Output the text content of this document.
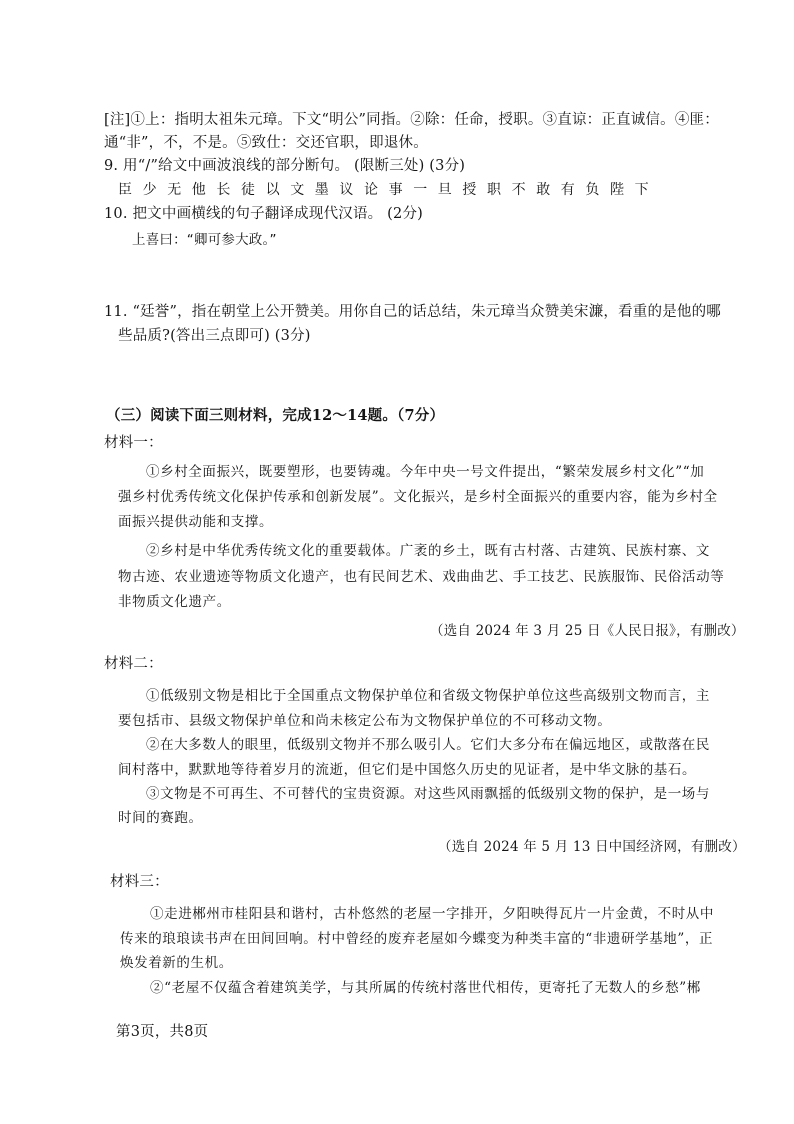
[注]①上：指明太祖朱元璋。下文“明公”同指。②除：任命，授职。③直谅：正直诚信。④匪：
通“非”，不，不是。⑤致仕：交还官职，即退休。
9. 用“/”给文中画波浪线的部分断句。 (限断三处) (3分)
臣少无他长徒以文墨议论事一旦授职不敢有负陛下
10. 把文中画横线的句子翻译成现代汉语。 (2分)
上喜曰：“卿可参大政。”
11. “廷誉”，指在朝堂上公开赞美。用你自己的话总结，朱元璋当众赞美宋濂，看重的是他的哪
些品质?(答出三点即可) (3分)
（三）阅读下面三则材料，完成12～14题。（7分）
材料一：
①乡村全面振兴，既要塑形，也要铸魂。今年中央一号文件提出，“繁荣发展乡村文化”“加
强乡村优秀传统文化保护传承和创新发展”。文化振兴，是乡村全面振兴的重要内容，能为乡村全
面振兴提供动能和支撑。
②乡村是中华优秀传统文化的重要载体。广袤的乡土，既有古村落、古建筑、民族村寨、文
物古迹、农业遗迹等物质文化遗产，也有民间艺术、戏曲曲艺、手工技艺、民族服饰、民俗活动等
非物质文化遗产。
（选自 2024 年 3 月 25 日《人民日报》，有删改）
材料二：
①低级别文物是相比于全国重点文物保护单位和省级文物保护单位这些高级别文物而言，主
要包括市、县级文物保护单位和尚未核定公布为文物保护单位的不可移动文物。
②在大多数人的眼里，低级别文物并不那么吸引人。它们大多分布在偏远地区，或散落在民
间村落中，默默地等待着岁月的流逝，但它们是中国悠久历史的见证者，是中华文脉的基石。
③文物是不可再生、不可替代的宝贵资源。对这些风雨飘摇的低级别文物的保护，是一场与
时间的赛跑。
（选自 2024 年 5 月 13 日中国经济网，有删改）
材料三：
①走进郴州市桂阳县和谐村，古朴悠然的老屋一字排开，夕阳映得瓦片一片金黄，不时从中
传来的琅琅读书声在田间回响。村中曾经的废弃老屋如今蝶变为种类丰富的“非遗研学基地”，正
焕发着新的生机。
②“老屋不仅蕴含着建筑美学，与其所属的传统村落世代相传，更寄托了无数人的乡愁”郴
第3页，共8页
